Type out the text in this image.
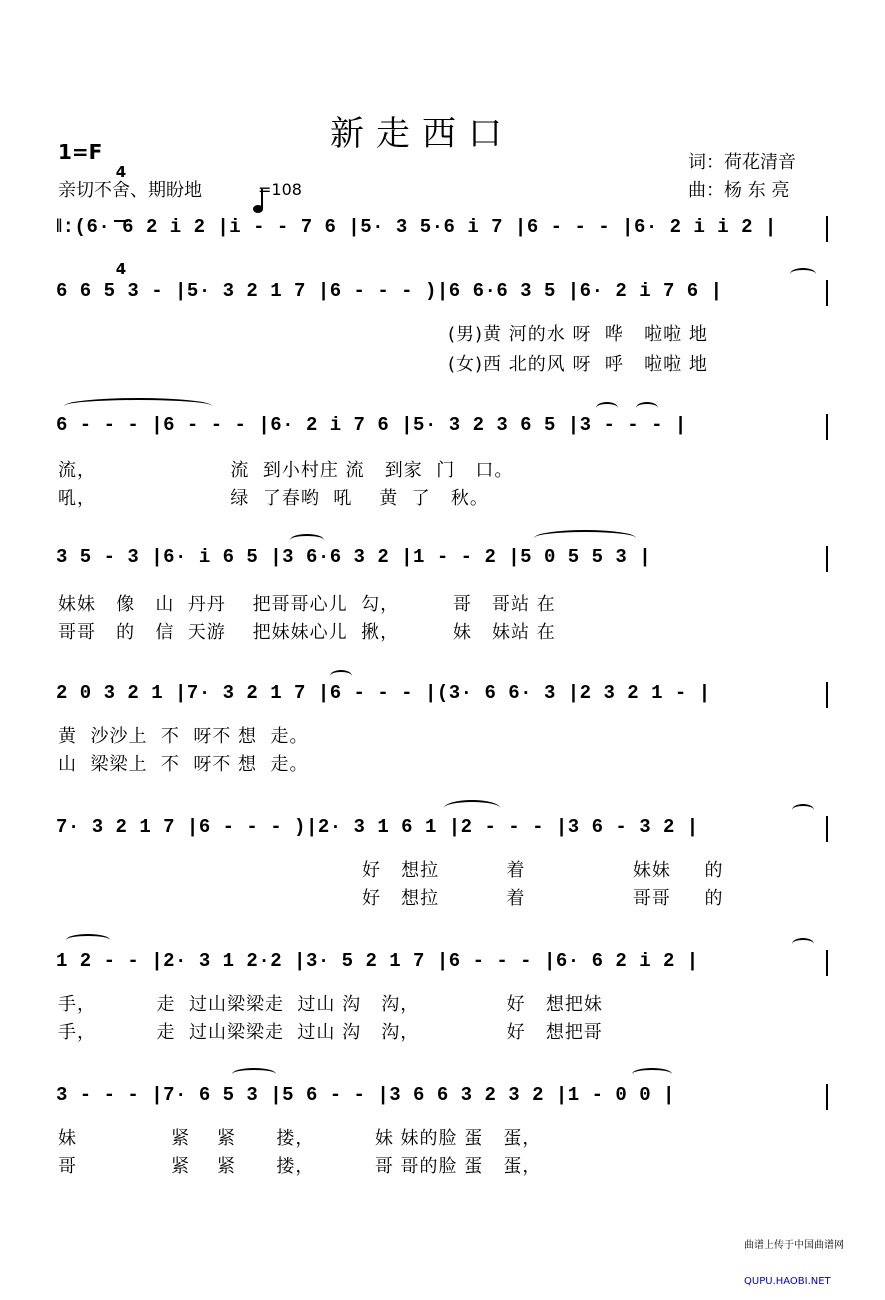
新走西口
1=F

4

4

亲切不舍、期盼地

	=108
词：荷花清音
曲：杨 东 亮
‖:(6· 6 2 i 2 |i - - 7 6 |5· 3 5·6 i 7 |6 - - - |6· 2 i i 2 |
6 6 5 3 - |5· 3 2 1 7 |6 - - - )|6 6·6 3 5 |6· 2 i 7 6 |
(男)黄 河的水 呀  哗   啦啦 地
(女)西 北的风 呀  呼   啦啦 地
6 - - - |6 - - - |6· 2 i 7 6 |5· 3 2 3 6 5 |3 - - - |
流，                    流  到小村庄 流   到家  门   口。
吼，                    绿  了春哟  吼    黄  了   秋。
3 5 - 3 |6· i 6 5 |3 6·6 3 2 |1 - - 2 |5 0 5 5 3 |
妹妹   像   山  丹丹    把哥哥心儿  勾，        哥   哥站 在
哥哥   的   信  天游    把妹妹心儿  揪，        妹   妹站 在
2 0 3 2 1 |7· 3 2 1 7 |6 - - - |(3· 6 6· 3 |2 3 2 1 - |
黄  沙沙上  不  呀不 想  走。
山  梁梁上  不  呀不 想  走。
7· 3 2 1 7 |6 - - - )|2· 3 1 6 1 |2 - - - |3 6 - 3 2 |
好   想拉          着                妹妹     的
好   想拉          着                哥哥     的
1 2 - - |2· 3 1 2·2 |3· 5 2 1 7 |6 - - - |6· 6 2 i 2 |
手，         走  过山梁梁走  过山 沟   沟，             好   想把妹
手，         走  过山梁梁走  过山 沟   沟，             好   想把哥
3 - - - |7· 6 5 3 |5 6 - - |3 6 6 3 2 3 2 |1 - 0 0 |
妹              紧    紧      搂，         妹 妹的脸 蛋   蛋，
哥              紧    紧      搂，         哥 哥的脸 蛋   蛋，

曲谱上传于中国曲谱网

QUPU.HAOBI.NET
